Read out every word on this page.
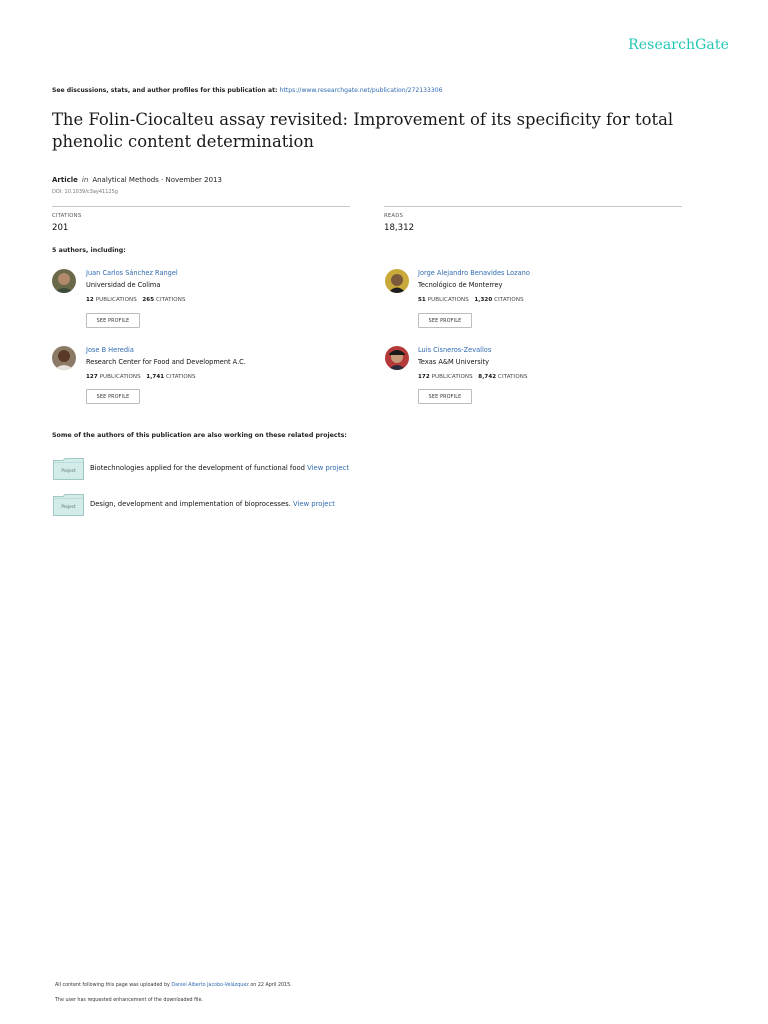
ResearchGate
See discussions, stats, and author profiles for this publication at: https://www.researchgate.net/publication/272133306
The Folin-Ciocalteu assay revisited: Improvement of its specificity for total phenolic content determination
Article in Analytical Methods · November 2013
DOI: 10.1039/c3ay41125g
CITATIONS
201
READS
18,312
5 authors, including:
Juan Carlos Sánchez Rangel
Universidad de Colima
12 PUBLICATIONS 265 CITATIONS
SEE PROFILE
Jorge Alejandro Benavides Lozano
Tecnológico de Monterrey
51 PUBLICATIONS 1,320 CITATIONS
SEE PROFILE
Jose B Heredia
Research Center for Food and Development A.C.
127 PUBLICATIONS 1,741 CITATIONS
SEE PROFILE
Luis Cisneros-Zevallos
Texas A&M University
172 PUBLICATIONS 8,742 CITATIONS
SEE PROFILE
Some of the authors of this publication are also working on these related projects:
Project Biotechnologies applied for the development of functional food View project
Project Design, development and implementation of bioprocesses. View project
All content following this page was uploaded by Daniel Alberto Jacobo-Velázquez on 22 April 2015.
The user has requested enhancement of the downloaded file.
